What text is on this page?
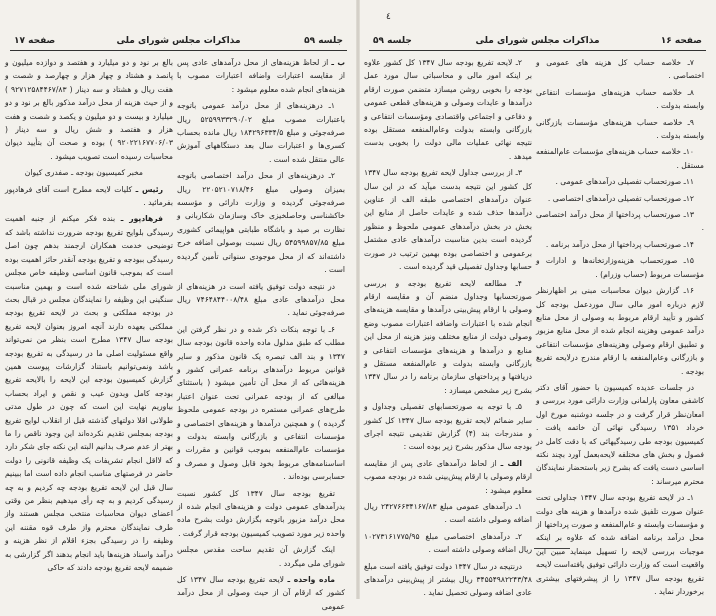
جلسه ۵۹
مذاکرات مجلس شورای ملی
صفحه ۱۷

ب ـ از لحاظ هزینه‌های از محل درآمدهای عادی پس از مقایسه اعتبارات واضافه اعتبارات مصوب با هزینه‌های انجام شده معلوم میشود :

۱ـ درهزینه‌های از محل درآمد عمومی باتوجه باعتبارات مصوب مبلغ ۵۲۵۹۹۳۳۲۹۰/۰۲ ریال صرفه‌جوئی و مبلغ ۱۸۴۲۹۶۳۳۴/۵ ریال مانده بحساب کسری‌ها و اعتبارات سال بعد دستگاههای آموزش عالی منتقل شده است .

۲ـ درهزینه‌های از محل درآمد اختصاصی باتوجه بمیزان وصولی مبلغ ۲۲۰۵۲۱۰۷۱۸/۴۶ ریال صرفه‌جوئی گردیده و وزارت دارائی و مؤسسه خاکشناسی وحاصلخیزی خاک وسازمان شکاربانی و نظارت بر صید و باشگاه طبابتی هواپیمائی کشوری مبلغ ۵۴۵۹۹۸۵۷/۸۵ ریال نسبت بوصولی اضافه خرج داشته‌اند که از محل موجودی سنواتی تأمین گردیده است .

در نتیجه دولت توفیق یافته است در هزینه‌های از محل درآمدهای عادی مبلغ ۷۴۶۴۸۴۴۰۰۸/۴۸ ریال صرفه‌جوئی نماید .

۶ـ با توجه بنکات ذکر شده و در نظر گرفتن این مطلب که طبق مدلول ماده واحده قانون بودجه سال ۱۳۴۷ و بند الف تبصره یک قانون مذکور و سایر قوانین مربوط درآمدهای برنامه عمرانی کشور و هزینه‌هائی که از محل آن تأمین میشود ( باستثنای مبالغی که از بودجه عمرانی تحت عنوان اعتبار طرح‌های عمرانی مستمره در بودجه عمومی ملحوظ گردیده ) و همچنین درآمدها و هزینه‌های اختصاصی و مؤسسات انتفاعی و بازرگانی وابسته بدولت و مؤسسات عام‌المنفعه بموجب قوانین و مقررات و اساسنامه‌های مربوط بخود قابل وصول و مصرف و حسابرسی بوده‌اند .

تفریغ بودجه سال ۱۳۴۷ کل کشور نسبت بدرآمدهای عمومی دولت و هزینه‌های انجام شده از محل درآمد مزبور باتوجه بگزارش دولت بشرح ماده واحده زیر مورد تصویب کمیسیون بودجه قرار گرفت .

اینک گزارش آن تقدیم ساحت مقدس مجلس شورای ملی میگردد .

ماده واحده ـ لایحه تفریغ بودجه سال ۱۳۴۷ کل کشور که ارقام آن از حیث وصولی از محل درآمد عمومی

بالغ بر نود و دو میلیارد و هفتصد و دوازده میلیون و پانصد و هشتاد و چهار هزار و چهارصد و شصت و هفت ریال و هشتاد و سه دینار ( ۹۲۷۱۲۵۸۴۴۶۷/۸۳ ) و از حیث هزینه از محل درآمد مذکور بالغ بر نود و دو میلیارد و بیست و دو میلیون و یکصد و شصت و هفت هزار و هفتصد و شش ریال و سه دینار ( ۹۲۰۲۲۱۶۷۷۰۶/۰۳ ) بوده و صحت آن بتأیید دیوان محاسبات رسیده است تصویب میشود .

مخبر کمیسیون بودجه ـ صفدری کیوان

رئیس ـ کلیات لایحه مطرح است آقای فرهادپور بفرمائید .

فرهادپور ـ بنده فکر میکنم از جنبه اهمیت رسیدگی بلوایح تفریغ بودجه ضرورت نداشته باشد که توضیحی خدمت همکاران ارجمند بدهم چون اصل رسیدگی ببودجه و تفریغ بودجه آنقدر حائز اهمیت بوده است که بموجب قانون اساسی وظیفه خاص مجلس شورای ملی شناخته شده است و بهمین مناسبت سنگینی این وظیفه را نمایندگان مجلس در قبال بحث در بودجه مملکتی و بحث در لایحه تفریغ بودجه مملکتی بعهده دارند آنچه امروز بعنوان لایحه تفریغ بودجه سال ۱۳۴۷ مطرح است بنظر من نمی‌تواند واقع مسئولیت اصلی ما در رسیدگی به تفریغ بودجه باشد ونمی‌توانیم باستناد گزارشات پیوست همین گزارش کمیسیون بودجه این لایحه را بالایحه تفریغ بودجه کامل وبدون عیب و نقص و ایراد بحساب بیاوریم نهایت این است که چون در طول مدتی طولانی اقلا دولتهای گذشته قبل از انقلاب لوایح تفریغ بودجه بمجلس تقدیم نکرده‌اند این وجود ناقص را ما بهتر از عدم صرف بدانیم البته این نکته جای شکر دارد که لااقل انجام تشریفات یک وظیفه قانونی را دولت حاضر در فرصتهای مناسب انجام داده است اما ببینیم سال قبل این لایحه تفریغ بودجه چه کردیم و به چه رسیدگی کردیم و به چه رأی میدهیم بنظر من وقتی اعضای دیوان محاسبات منتخب مجلس هستند واز طرف نمایندگان محترم واز طرف قوه مقننه این وظیفه را در رسیدگی بجزء اقلام از نظر هزینه و درآمد واسناد هزینه‌ها باید انجام بدهند اگر گزارشی به ضمیمه لایحه تفریغ بودجه دادند که حاکی

٤
صفحه ۱۶
مذاکرات مجلس شورای ملی
جلسه ۵۹

۷ـ خلاصه حساب کل هزینه های عمومی و اختصاصی .

۸ـ خلاصه حساب هزینه‌های مؤسسات انتفاعی وابسته بدولت .

۹ـ خلاصه حساب هزینه‌های مؤسسات بازرگانی وابسته بدولت .

۱۰ـ خلاصه حساب هزینه‌های مؤسسات عام‌المنفعه مستقل .

۱۱ـ صورتحساب تفصیلی درآمدهای عمومی .

۱۲ـ صورتحساب تفصیلی درآمدهای اختصاصی .

۱۳ـ صورتحساب پرداختها از محل درآمد اختصاصی .

۱۴ـ صورتحساب پرداختها از محل درآمد برنامه .

۱۵ـ صورتحساب هزینه‌وزارتخانه‌ها و ادارات و مؤسسات مربوط (حساب وزرام) .

۱۶ـ گزارش دیوان محاسبات مبنی بر اظهارنظر لازم درباره امور مالی سال موردعمل بودجه کل کشور و تأیید ارقام مربوط به وصولی از محل منابع درآمد عمومی وهزینه انجام شده از محل منابع مزبور و تطبیق ارقام وصولی وهزینه‌های مؤسسات انتفاعی و بازرگانی وعام‌المنفعه با ارقام مندرج درلایحه تفریغ بودجه .

در جلسات عدیده کمیسیون با حضور آقای دکتر کاشفی معاون پارلمانی وزارت دارائی مورد بررسی و امعان‌نظر قرار گرفت و در جلسه دوشنبه مورخ اول خرداد ۱۳۵۱ رسیدگی نهائی آن خاتمه یافت . کمیسیون بودجه طی رسیدگیهائی که با دقت کامل در فصول و بخش های مختلفه لایحه‌بعمل آورد بچند نکته اساسی دست یافت که بشرح زیر باستحضار نمایندگان محترم میرساند :

۱ـ در لایحه تفریغ بودجه سال ۱۳۴۷ جداولی تحت عنوان صورت تلفیق شده درآمدها و هزینه های دولت و مؤسسات وابسته و عام‌المنفعه و صورت پرداختها از محل درآمد برنامه اضافه شده که علاوه بر اینکه موجبات بررسی لایحه را تسهیل مینماید مبین این واقعیت است که وزارت دارائی توفیق یافته‌است لایحه تفریغ بودجه سال ۱۳۴۷ را از پیشرفتهای بیشتری برخوردار نماید .

۲ـ لایحه تفریغ بودجه سال ۱۳۴۷ کل کشور علاوه بر اینکه امور مالی و محاسباتی سال مورد عمل بودجه را بخوبی روشن میسازد متضمن صورت ارقام درآمدها و عایدات وصولی و هزینه‌های قطعی عمومی و دفاعی و اجتماعی واقتصادی ومؤسسات انتفاعی و بازرگانی وابسته بدولت وعام‌المنفعه مستقل بوده نتیجه نهائی عملیات مالی دولت را بخوبی بدست میدهد .

۳ـ از بررسی جداول لایحه تفریغ بودجه سال ۱۳۴۷ کل کشور این نتیجه بدست میآید که در این سال عنوان درآمدهای اختصاصی طبقه الف از عناوین درآمدها حذف شده و عایدات حاصل از منابع این بخش در بخش درآمدهای عمومی ملحوظ و منظور گردیده است بدین مناسبت درآمدهای عادی مشتمل برعمومی و اختصاصی بوده بهمین ترتیب در صورت حسابها وجداول تفصیلی قید گردیده است .

۴ـ مطالعه لایحه تفریغ بودجه و بررسی صورتحسابها وجداول منضم آن و مقایسه ارقام وصولی با ارقام پیش‌بینی درآمدها و مقایسه هزینه‌های انجام شده با اعتبارات واضافه اعتبارات مصوب وضع وصولی دولت از منابع مختلف ونیز هزینه از محل این منابع و درآمدها و هزینه‌های مؤسسات انتفاعی و بازرگانی وابسته بدولت و عام‌المنفعه مستقل و دریافتها و پرداختهای سازمان برنامه را در سال ۱۳۴۷ بشرح زیر مشخص میسازد :

۵ـ با توجه به صورتحسابهای تفصیلی وجداول و سایر ضمائم لایحه تفریغ بودجه سال ۱۳۴۷ کل کشور و مندرجات بند (۴) گزارش تقدیمی نتیجه اجرای بودجه سال مذکور بشرح زیر بوده است :

الف ـ از لحاظ درآمدهای عادی پس از مقایسه ارقام وصولی با ارقام پیش‌بینی شده در بودجه مصوب معلوم میشود :

۱ـ درآمدهای عمومی مبلغ ۲۴۲۷۶۶۳۴۱۶۷/۸۳ ریال اضافه وصولی داشته است .

۲ـ درآمدهای اختصاصی مبلغ ۱۰۲۷۳۱۶۱۷۷۵/۹۵ ریال اضافه وصولی داشته است .

درنتیجه در سال ۱۳۴۷ دولت توفیق یافته است مبلغ ۳۴۵۵۴۹۸۲۲۴۳/۴۸ ریال بیشتر از پیش‌بینی درآمدهای عادی اضافه وصولی تحصیل نماید .
